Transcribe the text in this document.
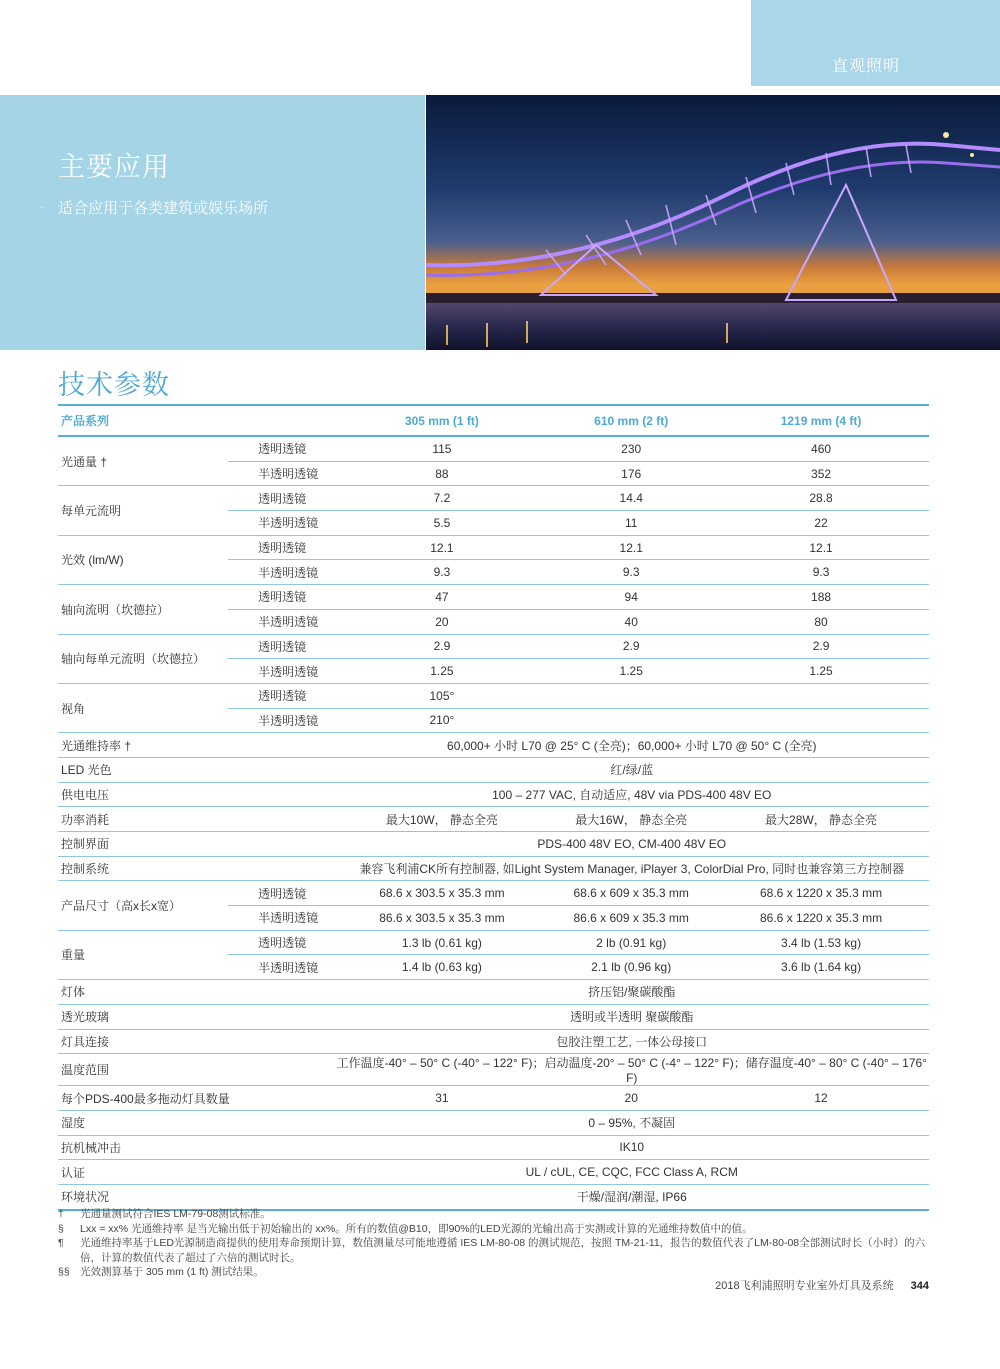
直观照明
主要应用
· 适合应用于各类建筑或娱乐场所
技术参数
产品系列		305 mm (1 ft)	610 mm (2 ft)	1219 mm (4 ft)
光通量 †	透明透镜	115	230	460
	半透明透镜	88	176	352
每单元流明	透明透镜	7.2	14.4	28.8
	半透明透镜	5.5	11	22
光效 (lm/W)	透明透镜	12.1	12.1	12.1
	半透明透镜	9.3	9.3	9.3
轴向流明（坎德拉）	透明透镜	47	94	188
	半透明透镜	20	40	80
轴向每单元流明（坎德拉）	透明透镜	2.9	2.9	2.9
	半透明透镜	1.25	1.25	1.25
视角	透明透镜	105°		
	半透明透镜	210°		
光通维持率 †		60,000+ 小时 L70 @ 25° C (全亮)；60,000+ 小时 L70 @ 50° C (全亮)		
LED 光色		红/绿/蓝		
供电电压		100 – 277 VAC, 自动适应, 48V via PDS-400 48V EO		
功率消耗		最大10W， 静态全亮	最大16W， 静态全亮	最大28W， 静态全亮
控制界面		PDS-400 48V EO, CM-400 48V EO		
控制系统		兼容飞利浦CK所有控制器, 如Light System Manager, iPlayer 3, ColorDial Pro, 同时也兼容第三方控制器		
产品尺寸（高x长x宽）	透明透镜	68.6 x 303.5 x 35.3 mm	68.6 x 609 x 35.3 mm	68.6 x 1220 x 35.3 mm
	半透明透镜	86.6 x 303.5 x 35.3 mm	86.6 x 609 x 35.3 mm	86.6 x 1220 x 35.3 mm
重量	透明透镜	1.3 lb (0.61 kg)	2 lb (0.91 kg)	3.4 lb (1.53 kg)
	半透明透镜	1.4 lb (0.63 kg)	2.1 lb (0.96 kg)	3.6 lb (1.64 kg)
灯体		挤压铝/聚碳酸酯		
透光玻璃		透明或半透明 聚碳酸酯		
灯具连接		包胶注塑工艺, 一体公母接口		
温度范围		工作温度-40° – 50° C (-40° – 122° F)；启动温度-20° – 50° C (-4° – 122° F)；储存温度-40° – 80° C (-40° – 176° F)		
每个PDS-400最多拖动灯具数量		31	20	12
湿度		0 – 95%, 不凝固		
抗机械冲击		IK10		
认证		UL / cUL, CE, CQC, FCC Class A, RCM		
环境状况		干燥/湿润/潮湿, IP66		
†	光通量测试符合IES LM-79-08测试标准。
§	Lxx = xx% 光通维持率 是当光输出低于初始输出的 xx%。所有的数值@B10，即90%的LED光源的光输出高于实测或计算的光通维持数值中的值。
¶	光通维持率基于LED光源制造商提供的使用寿命预期计算，数值测量尽可能地遵循 IES LM-80-08 的测试规范，按照 TM-21-11，报告的数值代表了LM-80-08全部测试时长（小时）的六倍，计算的数值代表了超过了六倍的测试时长。
§§ 光效测算基于 305 mm (1 ft) 测试结果。
2018飞利浦照明专业室外灯具及系统 344
